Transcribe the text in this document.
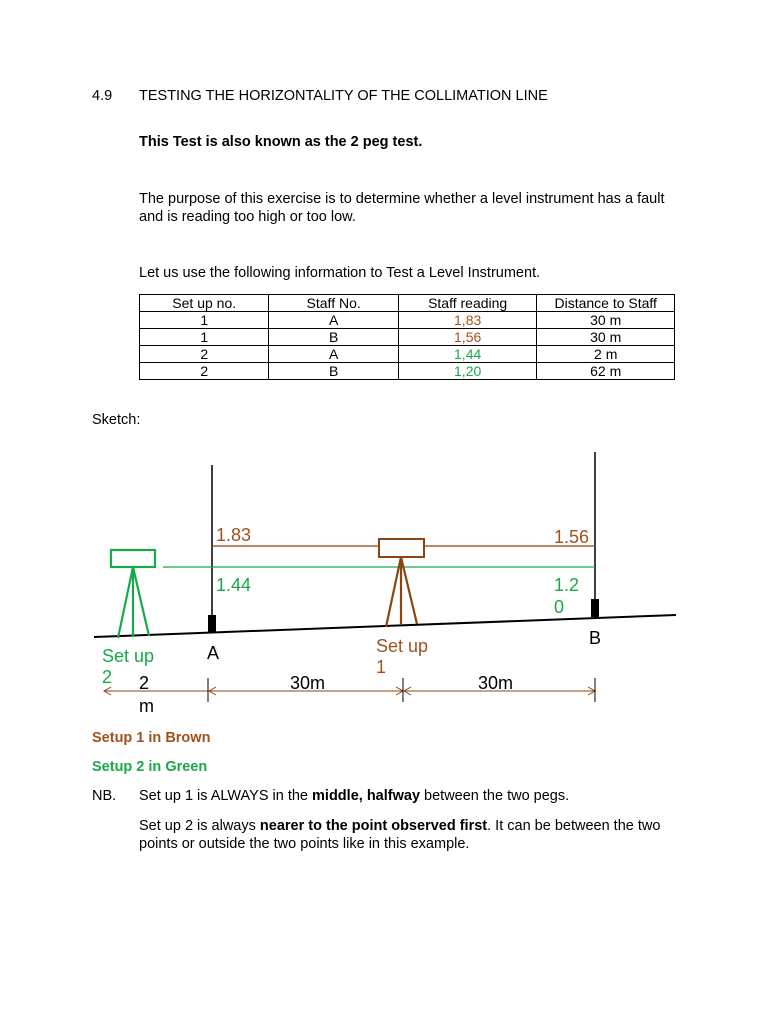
4.9 TESTING THE HORIZONTALITY OF THE COLLIMATION LINE
This Test is also known as the 2 peg test.
The purpose of this exercise is to determine whether a level instrument has a fault and is reading too high or too low.
Let us use the following information to Test a Level Instrument.
Set up no.	Staff No.	Staff reading	Distance to Staff
1	A	1,83	30 m
1	B	1,56	30 m
2	A	1,44	2 m
2	B	1,20	62 m
Sketch:
1.83	1.56
1.44	1.2
0
A
B
Set up
1
Set up
2 2
m
30m	30m
Setup 1 in Brown
Setup 2 in Green
NB. Set up 1 is ALWAYS in the middle, halfway between the two pegs.
Set up 2 is always nearer to the point observed first. It can be between the two points or outside the two points like in this example.
